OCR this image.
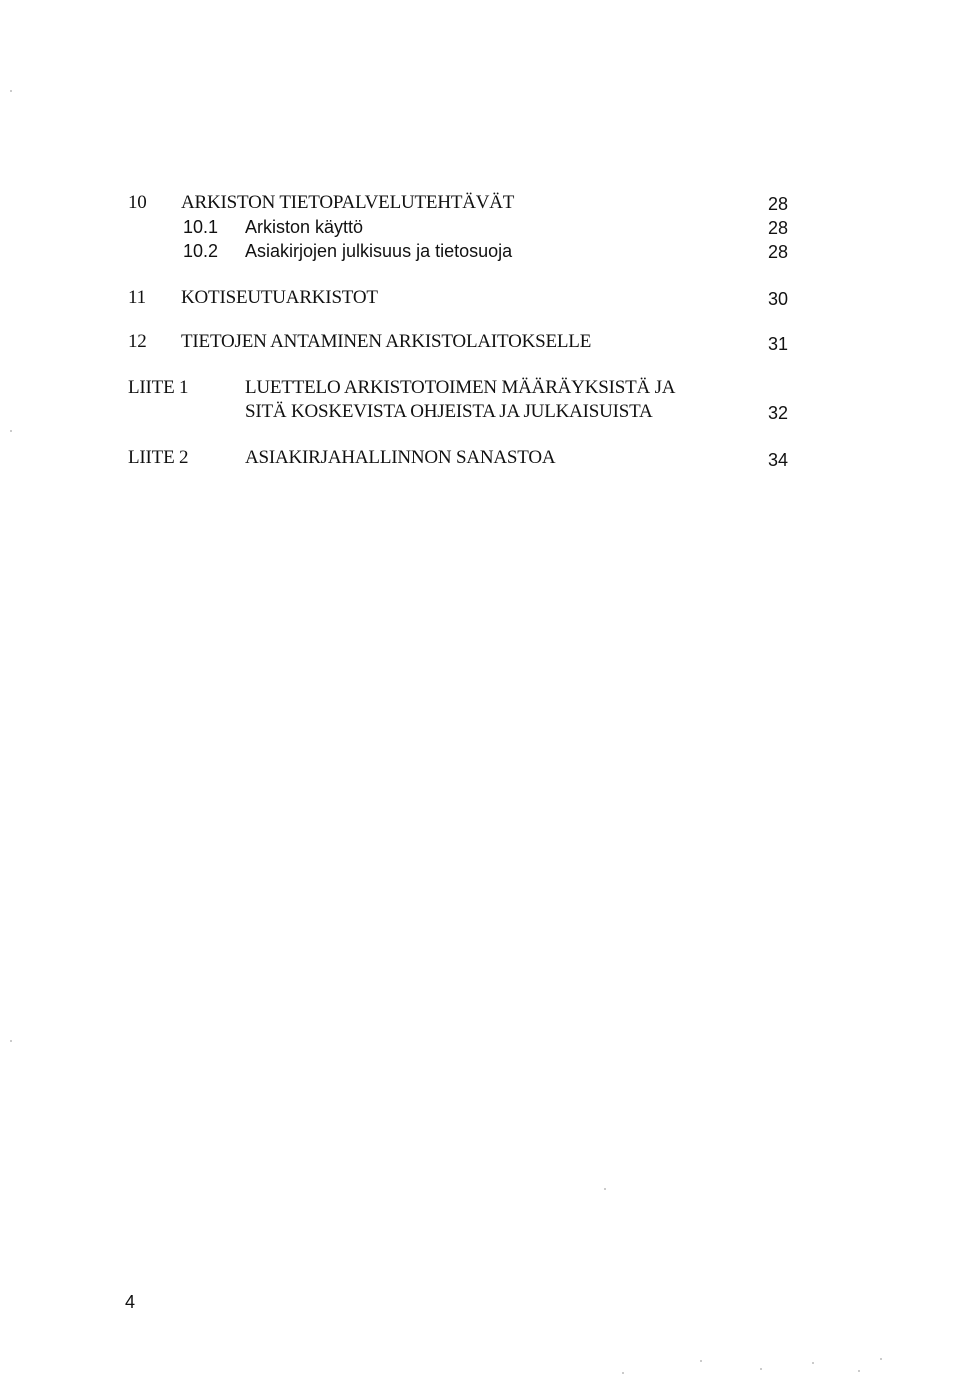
10 ARKISTON TIETOPALVELUTEHTÄVÄT	28
10.1 Arkiston käyttö	28
10.2 Asiakirjojen julkisuus ja tietosuoja	28
11 KOTISEUTUARKISTOT	30
12 TIETOJEN ANTAMINEN ARKISTOLAITOKSELLE	31
LIITE 1	LUETTELO ARKISTOTOIMEN MÄÄRÄYKSISTÄ JA
SITÄ KOSKEVISTA OHJEISTA JA JULKAISUISTA	32
LIITE 2	ASIAKIRJAHALLINNON SANASTOA	34
4
